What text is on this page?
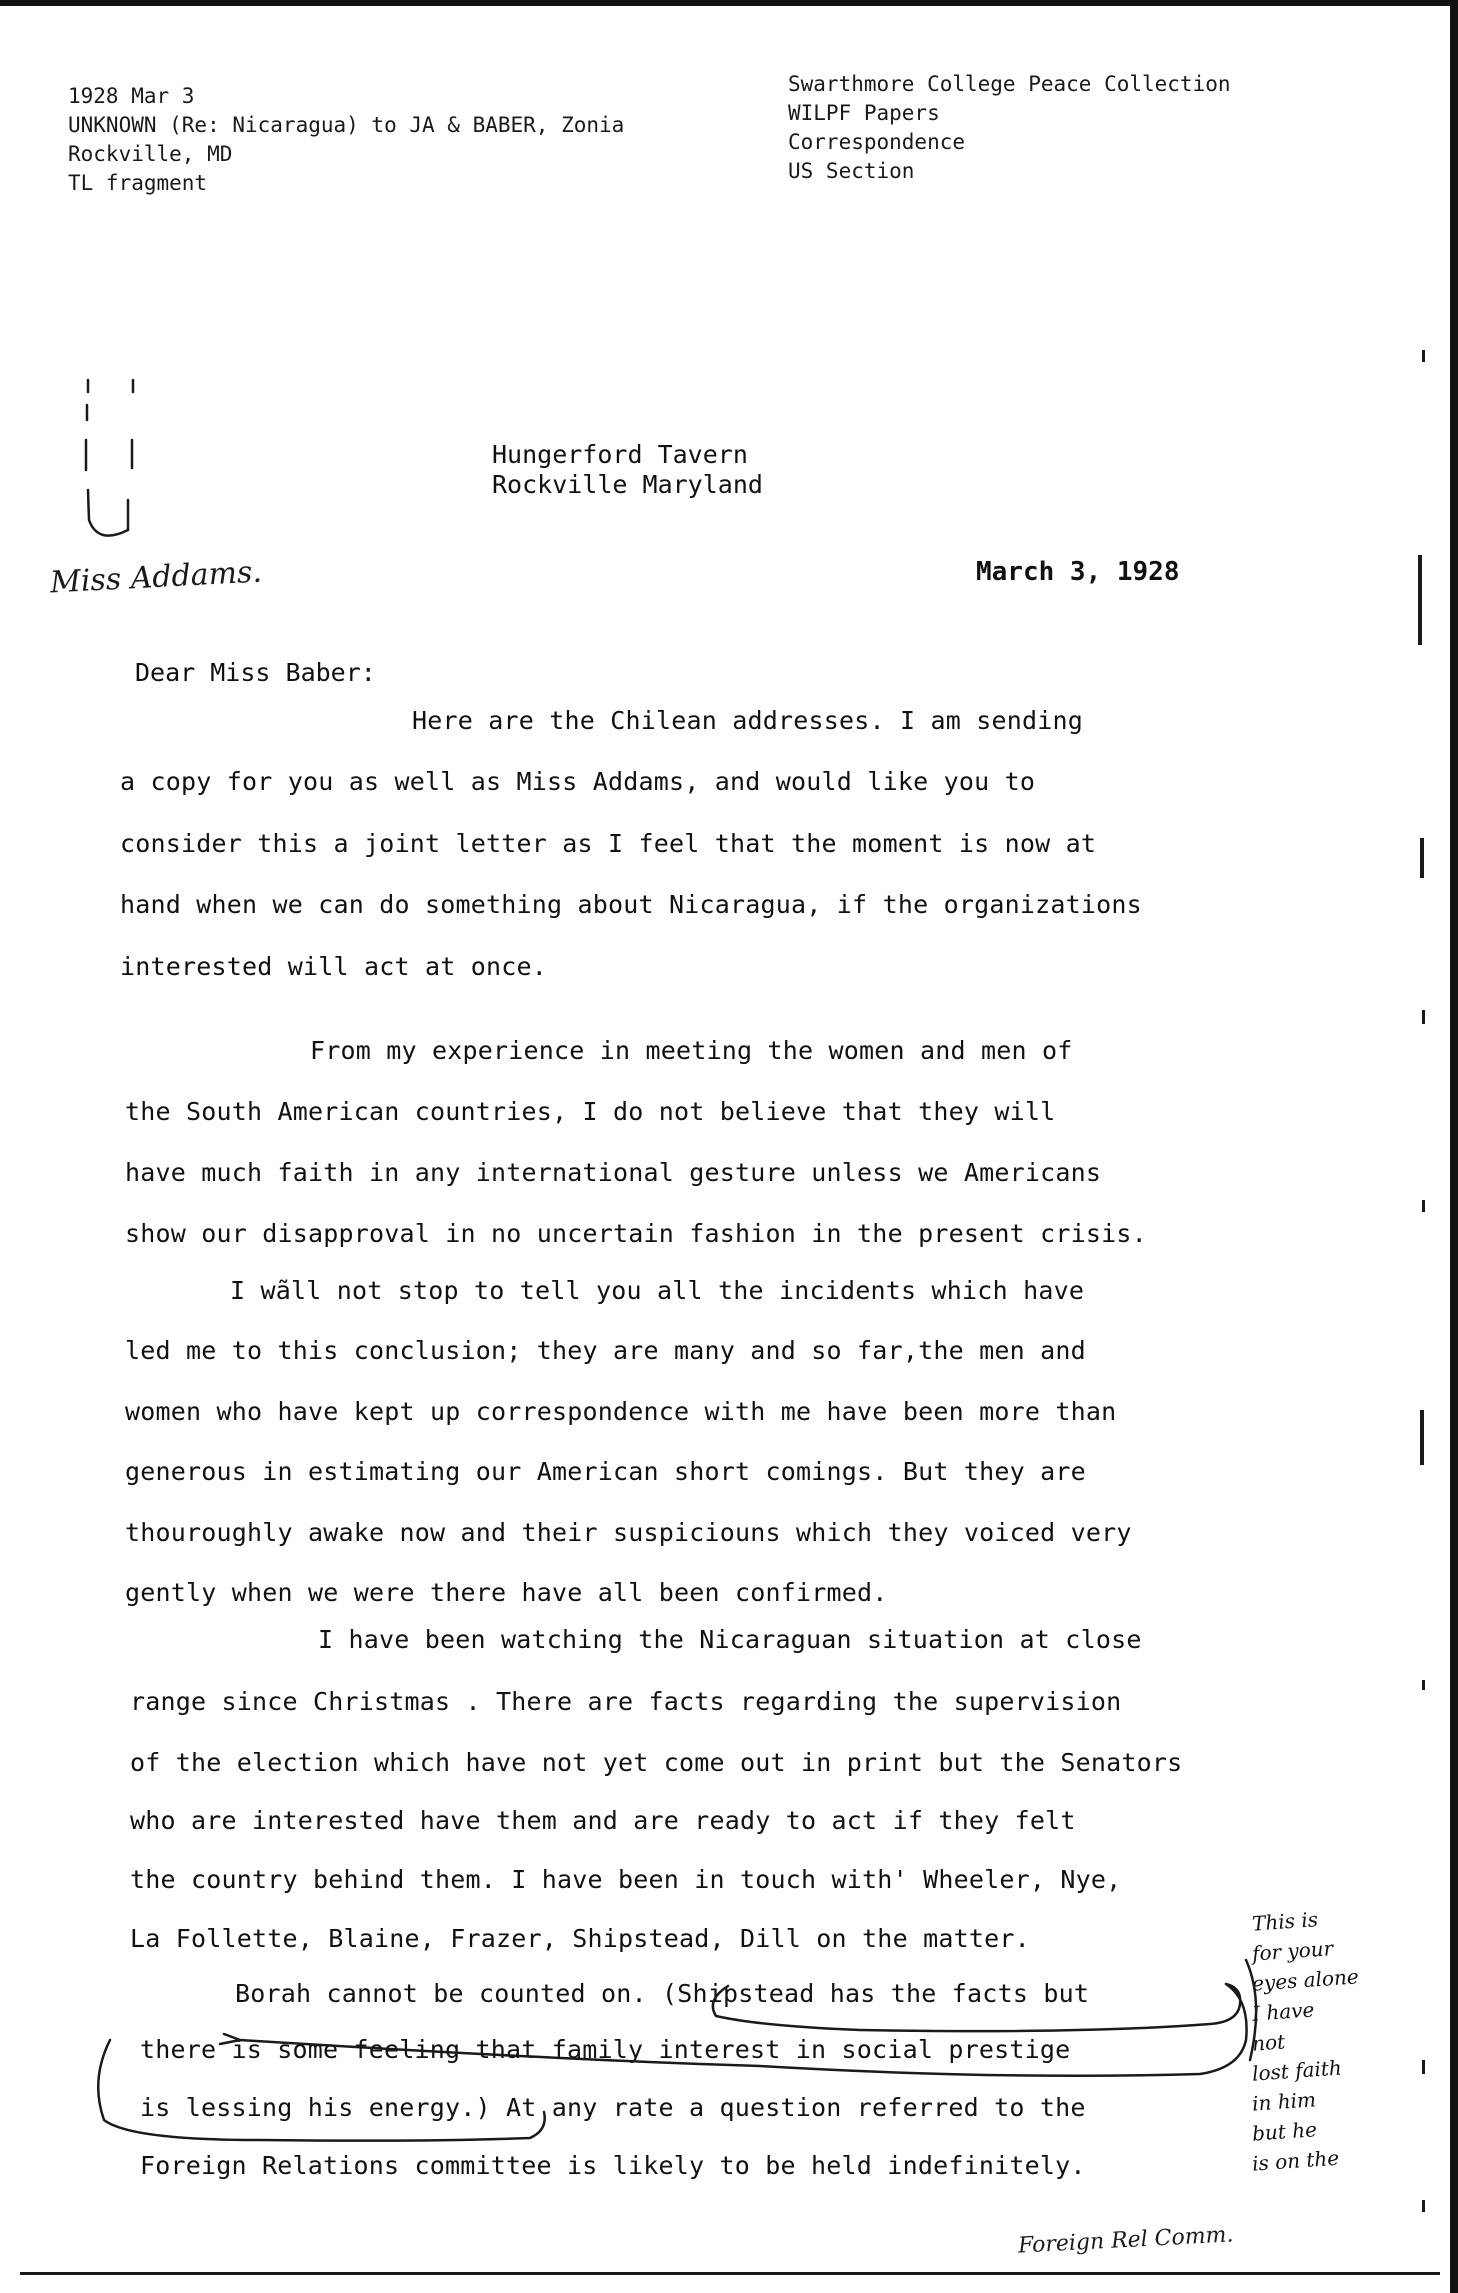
1928 Mar 3
UNKNOWN (Re: Nicaragua) to JA & BABER, Zonia
Rockville, MD
TL fragment
Swarthmore College Peace Collection
WILPF Papers
Correspondence
US Section
Hungerford Tavern
Rockville Maryland
Miss Addams.	March 3, 1928
Dear Miss Baber:
Here are the Chilean addresses. I am sending
a copy for you as well as Miss Addams, and would like you to
consider this a joint letter as I feel that the moment is now at
hand when we can do something about Nicaragua, if the organizations
interested will act at once.
From my experience in meeting the women and men of
the South American countries, I do not believe that they will
have much faith in any international gesture unless we Americans
show our disapproval in no uncertain fashion in the present crisis.
I wãll not stop to tell you all the incidents which have
led me to this conclusion; they are many and so far,the men and
women who have kept up correspondence with me have been more than
generous in estimating our American short comings. But they are
thouroughly awake now and their suspiciouns which they voiced very
gently when we were there have all been confirmed.
I have been watching the Nicaraguan situation at close
range since Christmas . There are facts regarding the supervision
of the election which have not yet come out in print but the Senators
who are interested have them and are ready to act if they felt
the country behind them. I have been in touch with' Wheeler, Nye,
La Follette, Blaine, Frazer, Shipstead, Dill on the matter.
Borah cannot be counted on. (Shipstead has the facts but
there is some feeling that family interest in social prestige
is lessing his energy.) At any rate a question referred to the
Foreign Relations committee is likely to be held indefinitely.
This is
for your
eyes alone
I have
not
lost faith
in him
but he
is on the
Foreign Rel Comm.
